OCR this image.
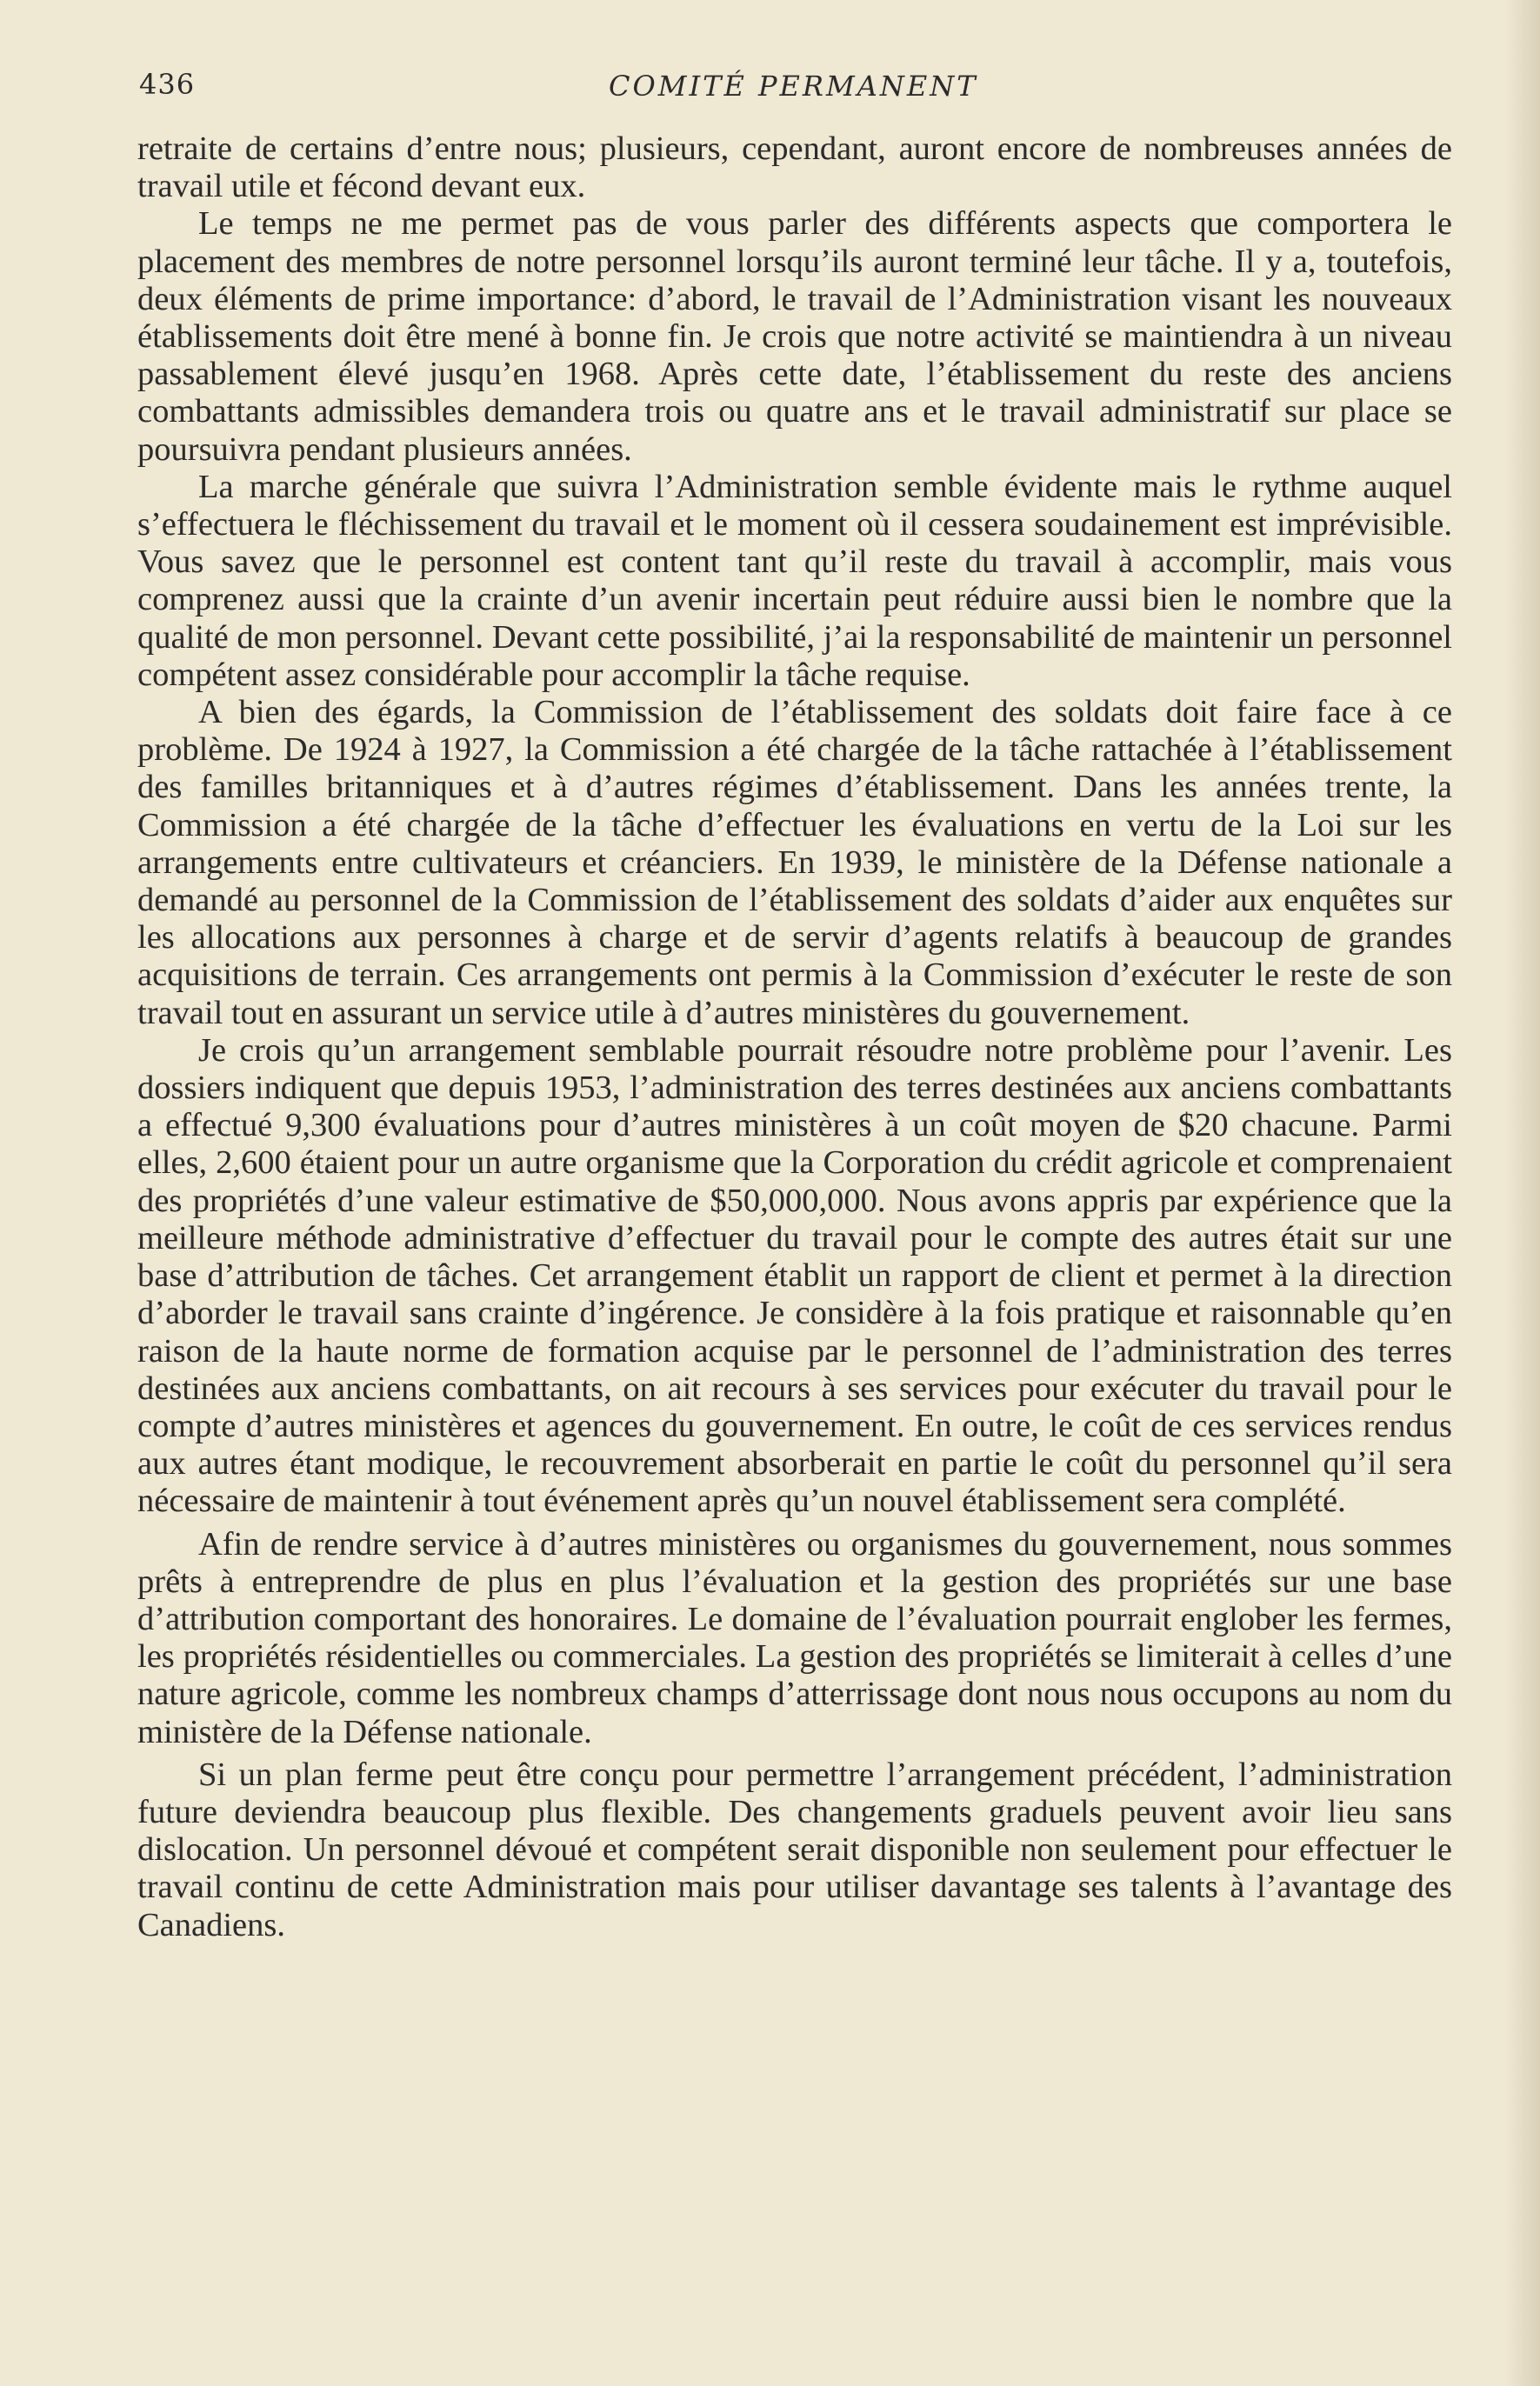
436	COMITÉ PERMANENT

retraite de certains d’entre nous; plusieurs, cependant, auront encore de nombreuses années de travail utile et fécond devant eux.

Le temps ne me permet pas de vous parler des différents aspects que comportera le placement des membres de notre personnel lorsqu’ils auront terminé leur tâche. Il y a, toutefois, deux éléments de prime importance: d’abord, le travail de l’Administration visant les nouveaux établissements doit être mené à bonne fin. Je crois que notre activité se maintiendra à un niveau passablement élevé jusqu’en 1968. Après cette date, l’établissement du reste des anciens combattants admissibles demandera trois ou quatre ans et le travail administratif sur place se poursuivra pendant plusieurs années.

La marche générale que suivra l’Administration semble évidente mais le rythme auquel s’effectuera le fléchissement du travail et le moment où il cessera soudainement est imprévisible. Vous savez que le personnel est content tant qu’il reste du travail à accomplir, mais vous comprenez aussi que la crainte d’un avenir incertain peut réduire aussi bien le nombre que la qualité de mon personnel. Devant cette possibilité, j’ai la responsabilité de maintenir un personnel compétent assez considérable pour accomplir la tâche requise.

A bien des égards, la Commission de l’établissement des soldats doit faire face à ce problème. De 1924 à 1927, la Commission a été chargée de la tâche rattachée à l’établissement des familles britanniques et à d’autres régimes d’établissement. Dans les années trente, la Commission a été chargée de la tâche d’effectuer les évaluations en vertu de la Loi sur les arrangements entre cultivateurs et créanciers. En 1939, le ministère de la Défense nationale a demandé au personnel de la Commission de l’établissement des soldats d’aider aux enquêtes sur les allocations aux personnes à charge et de servir d’agents relatifs à beaucoup de grandes acquisitions de terrain. Ces arrangements ont permis à la Commission d’exécuter le reste de son travail tout en assurant un service utile à d’autres ministères du gouvernement.

Je crois qu’un arrangement semblable pourrait résoudre notre problème pour l’avenir. Les dossiers indiquent que depuis 1953, l’administration des terres destinées aux anciens combattants a effectué 9,300 évaluations pour d’autres ministères à un coût moyen de $20 chacune. Parmi elles, 2,600 étaient pour un autre organisme que la Corporation du crédit agricole et comprenaient des propriétés d’une valeur estimative de $50,000,000. Nous avons appris par expérience que la meilleure méthode administrative d’effectuer du travail pour le compte des autres était sur une base d’attribution de tâches. Cet arrangement établit un rapport de client et permet à la direction d’aborder le travail sans crainte d’ingérence. Je considère à la fois pratique et raisonnable qu’en raison de la haute norme de formation acquise par le personnel de l’administration des terres destinées aux anciens combattants, on ait recours à ses services pour exécuter du travail pour le compte d’autres ministères et agences du gouvernement. En outre, le coût de ces services rendus aux autres étant modique, le recouvrement absorberait en partie le coût du personnel qu’il sera nécessaire de maintenir à tout événement après qu’un nouvel établissement sera complété.

Afin de rendre service à d’autres ministères ou organismes du gouvernement, nous sommes prêts à entreprendre de plus en plus l’évaluation et la gestion des propriétés sur une base d’attribution comportant des honoraires. Le domaine de l’évaluation pourrait englober les fermes, les propriétés résidentielles ou commerciales. La gestion des propriétés se limiterait à celles d’une nature agricole, comme les nombreux champs d’atterrissage dont nous nous occupons au nom du ministère de la Défense nationale.

Si un plan ferme peut être conçu pour permettre l’arrangement précédent, l’administration future deviendra beaucoup plus flexible. Des changements graduels peuvent avoir lieu sans dislocation. Un personnel dévoué et compétent serait disponible non seulement pour effectuer le travail continu de cette Administration mais pour utiliser davantage ses talents à l’avantage des Canadiens.
